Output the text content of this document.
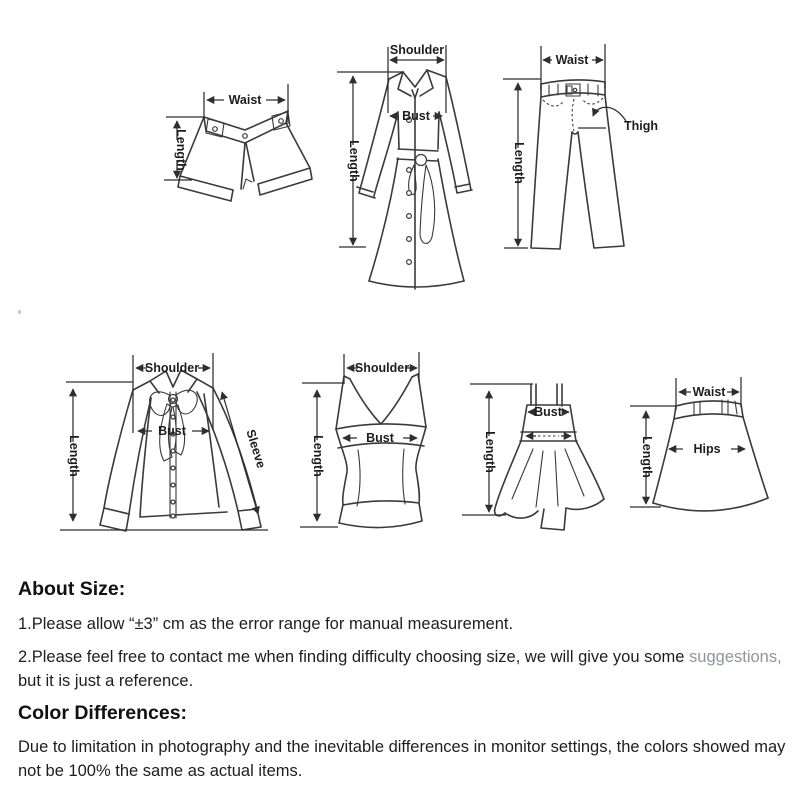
Waist
Length
Shoulder
Length
Bust
Waist
Length
Thigh
Shoulder
Length
Bust	Sleeve
Shoulder
Length	Bust	Length
Bust
Waist
Length	Hips
About Size:

1.Please allow “±3” cm as the error range for manual measurement.

2.Please feel free to contact me when finding difficulty choosing size, we will give you some suggestions, but it is just a reference.

Color Differences:

Due to limitation in photography and the inevitable differences in monitor settings, the colors showed may not be 100% the same as actual items.
